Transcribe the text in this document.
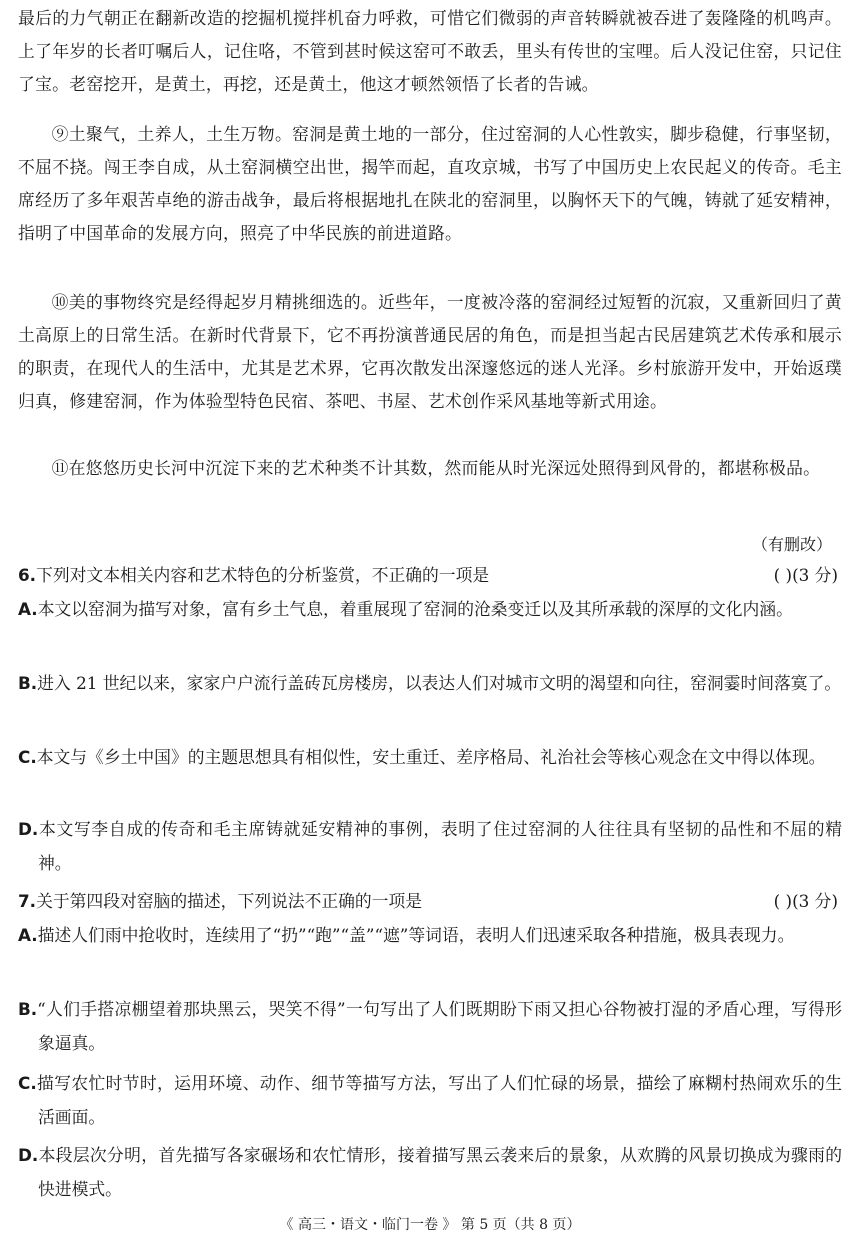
最后的力气朝正在翻新改造的挖掘机搅拌机奋力呼救，可惜它们微弱的声音转瞬就被吞进了轰隆隆的机鸣声。上了年岁的长者叮嘱后人，记住咯，不管到甚时候这窑可不敢丢，里头有传世的宝哩。后人没记住窑，只记住了宝。老窑挖开，是黄土，再挖，还是黄土，他这才顿然领悟了长者的告诫。

⑨土聚气，土养人，土生万物。窑洞是黄土地的一部分，住过窑洞的人心性敦实，脚步稳健，行事坚韧，不屈不挠。闯王李自成，从土窑洞横空出世，揭竿而起，直攻京城，书写了中国历史上农民起义的传奇。毛主席经历了多年艰苦卓绝的游击战争，最后将根据地扎在陕北的窑洞里，以胸怀天下的气魄，铸就了延安精神，指明了中国革命的发展方向，照亮了中华民族的前进道路。

⑩美的事物终究是经得起岁月精挑细选的。近些年，一度被冷落的窑洞经过短暂的沉寂，又重新回归了黄土高原上的日常生活。在新时代背景下，它不再扮演普通民居的角色，而是担当起古民居建筑艺术传承和展示的职责，在现代人的生活中，尤其是艺术界，它再次散发出深邃悠远的迷人光泽。乡村旅游开发中，开始返璞归真，修建窑洞，作为体验型特色民宿、茶吧、书屋、艺术创作采风基地等新式用途。

⑪在悠悠历史长河中沉淀下来的艺术种类不计其数，然而能从时光深远处照得到风骨的，都堪称极品。

（有删改）

6.下列对文本相关内容和艺术特色的分析鉴赏，不正确的一项是	( )(3 分)
A.本文以窑洞为描写对象，富有乡土气息，着重展现了窑洞的沧桑变迁以及其所承载的深厚的文化内涵。
B.进入 21 世纪以来，家家户户流行盖砖瓦房楼房，以表达人们对城市文明的渴望和向往，窑洞霎时间落寞了。
C.本文与《乡土中国》的主题思想具有相似性，安土重迁、差序格局、礼治社会等核心观念在文中得以体现。
D.本文写李自成的传奇和毛主席铸就延安精神的事例，表明了住过窑洞的人往往具有坚韧的品性和不屈的精神。
7.关于第四段对窑脑的描述，下列说法不正确的一项是	( )(3 分)
A.描述人们雨中抢收时，连续用了“扔”“跑”“盖”“遮”等词语，表明人们迅速采取各种措施，极具表现力。
B.“人们手搭凉棚望着那块黑云，哭笑不得”一句写出了人们既期盼下雨又担心谷物被打湿的矛盾心理，写得形象逼真。
C.描写农忙时节时，运用环境、动作、细节等描写方法，写出了人们忙碌的场景，描绘了麻糊村热闹欢乐的生活画面。
D.本段层次分明，首先描写各家碾场和农忙情形，接着描写黑云袭来后的景象，从欢腾的风景切换成为骤雨的快进模式。

《 高三・语文・临门一卷 》 第 5 页（共 8 页）
